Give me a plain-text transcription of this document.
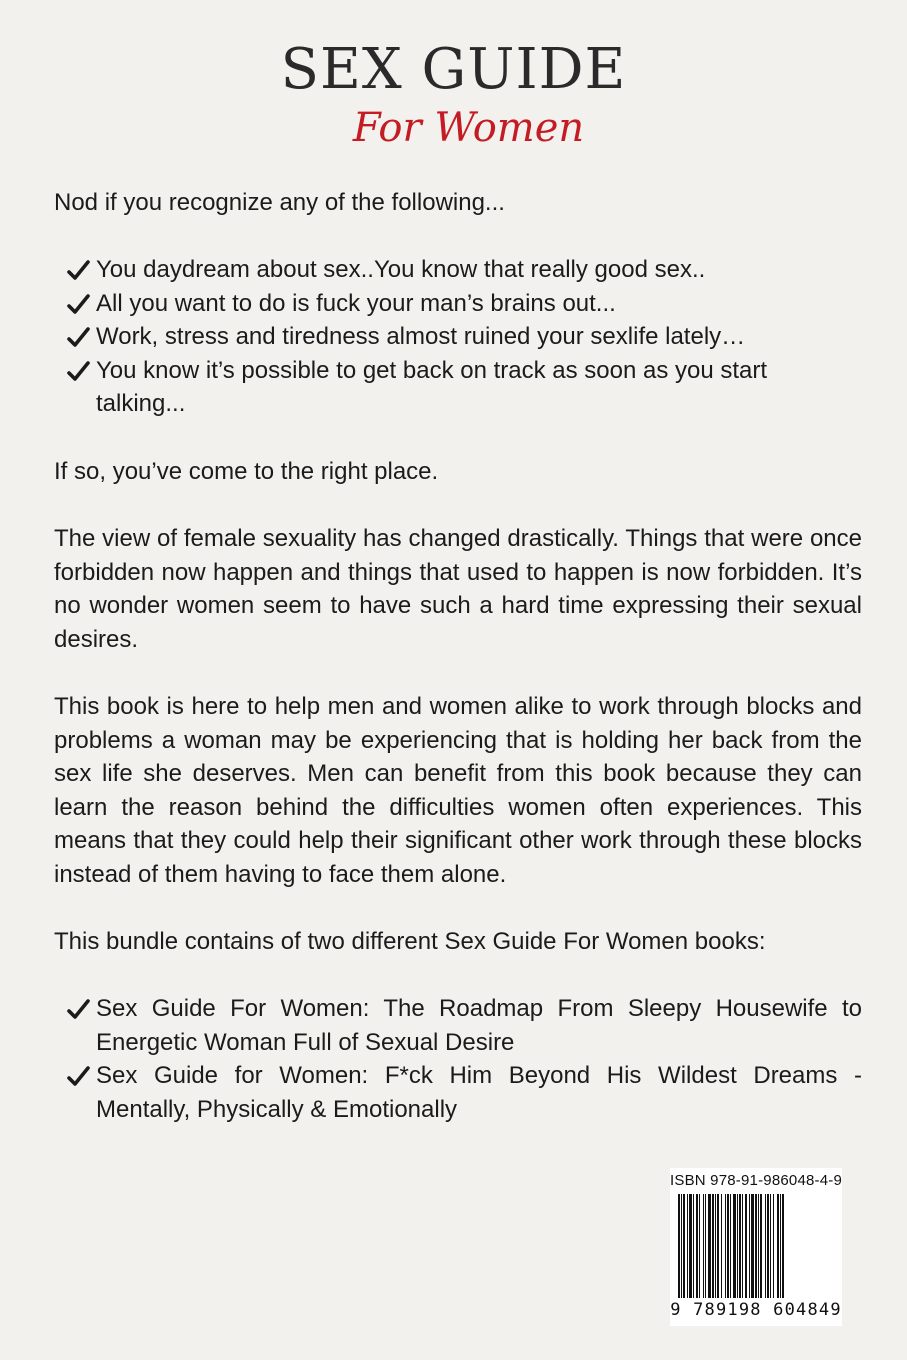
SEX GUIDE
For Women

Nod if you recognize any of the following...

You daydream about sex..You know that really good sex..
All you want to do is fuck your man’s brains out...
Work, stress and tiredness almost ruined your sexlife lately…
You know it’s possible to get back on track as soon as you start talking...

If so, you’ve come to the right place.

The view of female sexuality has changed drastically. Things that were once forbidden now happen and things that used to happen is now forbidden. It’s no wonder women seem to have such a hard time expressing their sexual desires.

This book is here to help men and women alike to work through blocks and problems a woman may be experiencing that is holding her back from the sex life she deserves. Men can benefit from this book because they can learn the reason behind the difficulties women often experiences. This means that they could help their significant other work through these blocks instead of them having to face them alone.

This bundle contains of two different Sex Guide For Women books:

Sex Guide For Women: The Roadmap From Sleepy Housewife to Energetic Woman Full of Sexual Desire
Sex Guide for Women: F*ck Him Beyond His Wildest Dreams - Mentally, Physically & Emotionally
ISBN 978-91-986048-4-9
9 789198 604849
